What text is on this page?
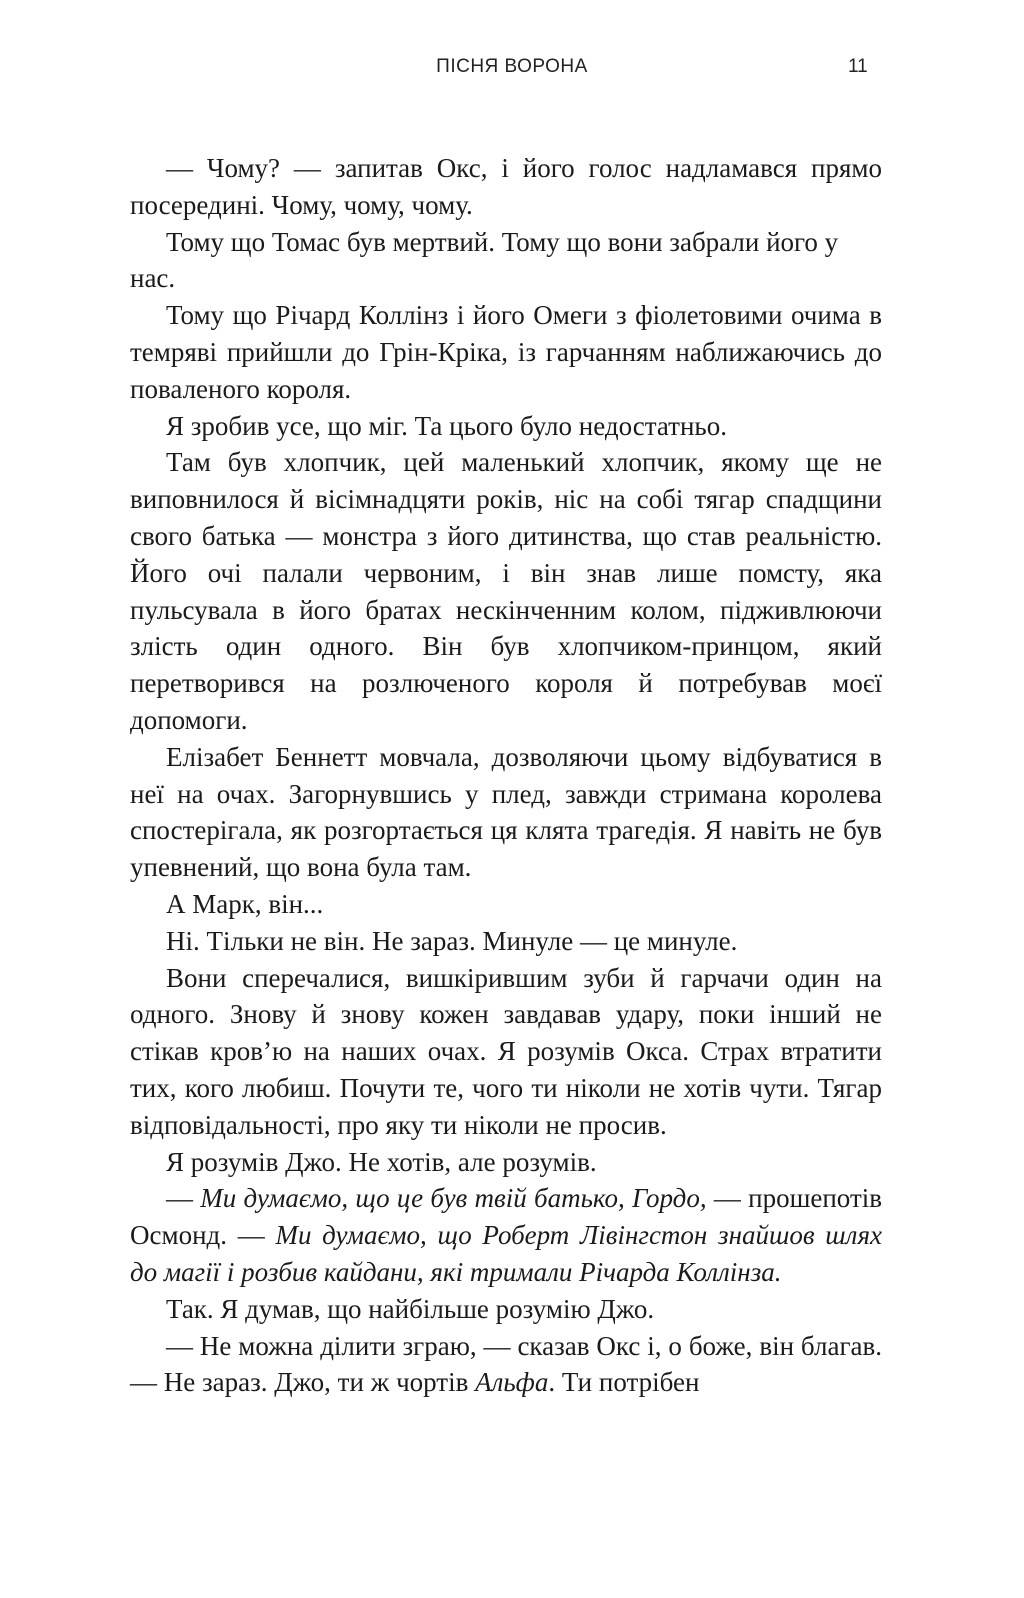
ПІСНЯ ВОРОНА	11

— Чому? — запитав Окс, і його голос надламався прямо посередині. Чому, чому, чому.

Тому що Томас був мертвий. Тому що вони забрали його у нас.

Тому що Річард Коллінз і його Омеги з фіолетовими очима в темряві прийшли до Грін-Кріка, із гарчанням наближаючись до поваленого короля.

Я зробив усе, що міг. Та цього було недостатньо.

Там був хлопчик, цей маленький хлопчик, якому ще не виповнилося й вісімнадцяти років, ніс на собі тягар спадщини свого батька — монстра з його дитинства, що став реальністю. Його очі палали червоним, і він знав лише помсту, яка пульсувала в його братах нескінченним колом, підживлюючи злість один одного. Він був хлопчиком-принцом, який перетворився на розлюченого короля й потребував моєї допомоги.

Елізабет Беннетт мовчала, дозволяючи цьому відбуватися в неї на очах. Загорнувшись у плед, завжди стримана королева спостерігала, як розгортається ця клята трагедія. Я навіть не був упевнений, що вона була там.

А Марк, він...

Ні. Тільки не він. Не зараз. Минуле — це минуле.

Вони сперечалися, вишкірившим зуби й гарчачи один на одного. Знову й знову кожен завдавав удару, поки інший не стікав кров’ю на наших очах. Я розумів Окса. Страх втратити тих, кого любиш. Почути те, чого ти ніколи не хотів чути. Тягар відповідальності, про яку ти ніколи не просив.

Я розумів Джо. Не хотів, але розумів.

— Ми думаємо, що це був твій батько, Гордо, — прошепотів Осмонд. — Ми думаємо, що Роберт Лівінгстон знайшов шлях до магії і розбив кайдани, які тримали Річарда Коллінза.

Так. Я думав, що найбільше розумію Джо.

— Не можна ділити зграю, — сказав Окс і, о боже, він благав. — Не зараз. Джо, ти ж чортів Альфа. Ти потрібен
